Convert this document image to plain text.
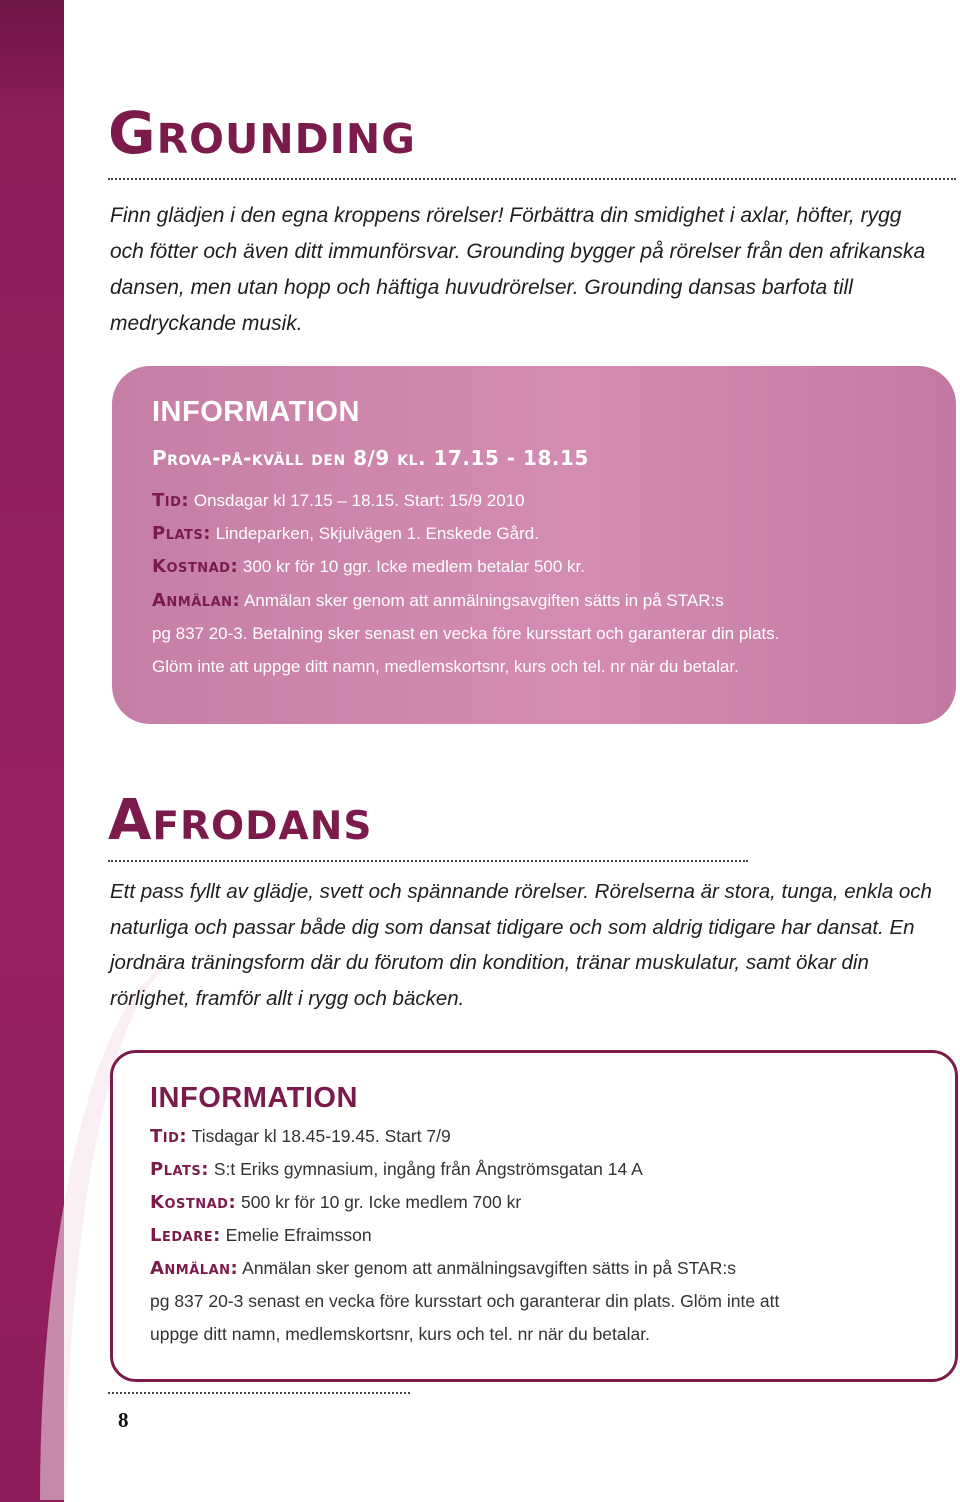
Grounding

Finn glädjen i den egna kroppens rörelser! Förbättra din smidighet i axlar, höfter, rygg och fötter och även ditt immunförsvar. Grounding bygger på rörelser från den afrikanska dansen, men utan hopp och häftiga huvudrörelser. Grounding dansas barfota till medryckande musik.

INFORMATION

Prova-på-kväll den 8/9 kl. 17.15 - 18.15

Tid: Onsdagar kl 17.15 – 18.15. Start: 15/9 2010

Plats: Lindeparken, Skjulvägen 1. Enskede Gård.

Kostnad: 300 kr för 10 ggr. Icke medlem betalar 500 kr.

Anmälan: Anmälan sker genom att anmälningsavgiften sätts in på STAR:s

pg 837 20-3. Betalning sker senast en vecka före kursstart och garanterar din plats.

Glöm inte att uppge ditt namn, medlemskortsnr, kurs och tel. nr när du betalar.

Afrodans

Ett pass fyllt av glädje, svett och spännande rörelser. Rörelserna är stora, tunga, enkla och naturliga och passar både dig som dansat tidigare och som aldrig tidigare har dansat. En jordnära träningsform där du förutom din kondition, tränar muskulatur, samt ökar din rörlighet, framför allt i rygg och bäcken.

INFORMATION

Tid: Tisdagar kl 18.45-19.45. Start 7/9

Plats: S:t Eriks gymnasium, ingång från Ångströmsgatan 14 A

Kostnad: 500 kr för 10 gr. Icke medlem 700 kr

Ledare: Emelie Efraimsson

Anmälan: Anmälan sker genom att anmälningsavgiften sätts in på STAR:s

pg 837 20-3 senast en vecka före kursstart och garanterar din plats. Glöm inte att

uppge ditt namn, medlemskortsnr, kurs och tel. nr när du betalar.

8
